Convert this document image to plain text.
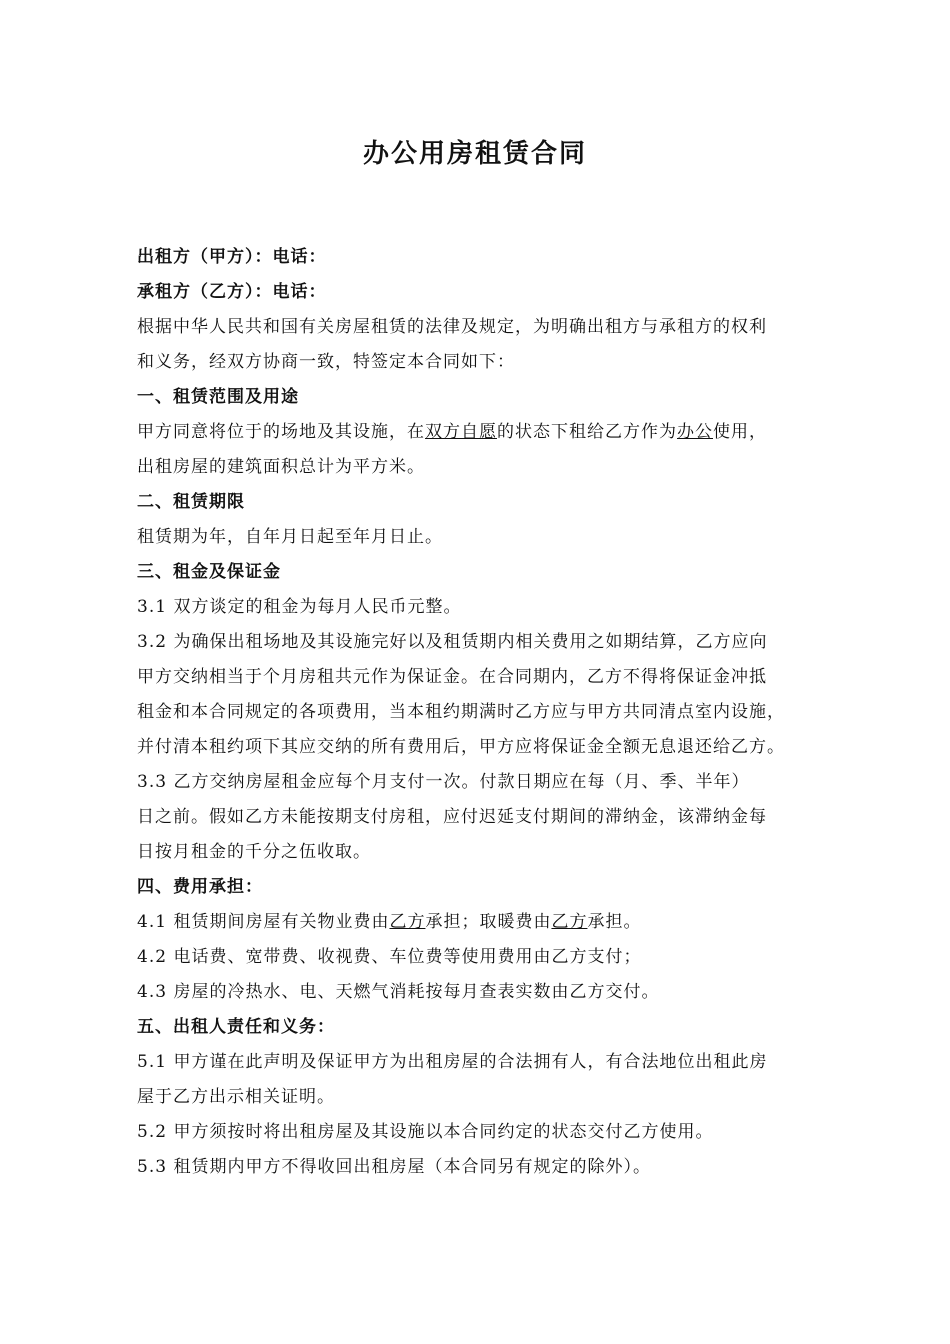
办公用房租赁合同
出租方（甲方）：电话：
承租方（乙方）：电话：
根据中华人民共和国有关房屋租赁的法律及规定，为明确出租方与承租方的权利
和义务，经双方协商一致，特签定本合同如下：
一、租赁范围及用途
甲方同意将位于的场地及其设施，在双方自愿的状态下租给乙方作为办公使用，
出租房屋的建筑面积总计为平方米。
二、租赁期限
租赁期为年，自年月日起至年月日止。
三、租金及保证金
3.1 双方谈定的租金为每月人民币元整。
3.2 为确保出租场地及其设施完好以及租赁期内相关费用之如期结算，乙方应向
甲方交纳相当于个月房租共元作为保证金。在合同期内，乙方不得将保证金冲抵
租金和本合同规定的各项费用，当本租约期满时乙方应与甲方共同清点室内设施，
并付清本租约项下其应交纳的所有费用后，甲方应将保证金全额无息退还给乙方。
3.3 乙方交纳房屋租金应每个月支付一次。付款日期应在每（月、季、半年）
日之前。假如乙方未能按期支付房租，应付迟延支付期间的滞纳金，该滞纳金每
日按月租金的千分之伍收取。
四、费用承担：
4.1 租赁期间房屋有关物业费由乙方承担；取暖费由乙方承担。
4.2 电话费、宽带费、收视费、车位费等使用费用由乙方支付；
4.3 房屋的冷热水、电、天燃气消耗按每月查表实数由乙方交付。
五、出租人责任和义务：
5.1 甲方谨在此声明及保证甲方为出租房屋的合法拥有人，有合法地位出租此房
屋于乙方出示相关证明。
5.2 甲方须按时将出租房屋及其设施以本合同约定的状态交付乙方使用。
5.3 租赁期内甲方不得收回出租房屋（本合同另有规定的除外）。
